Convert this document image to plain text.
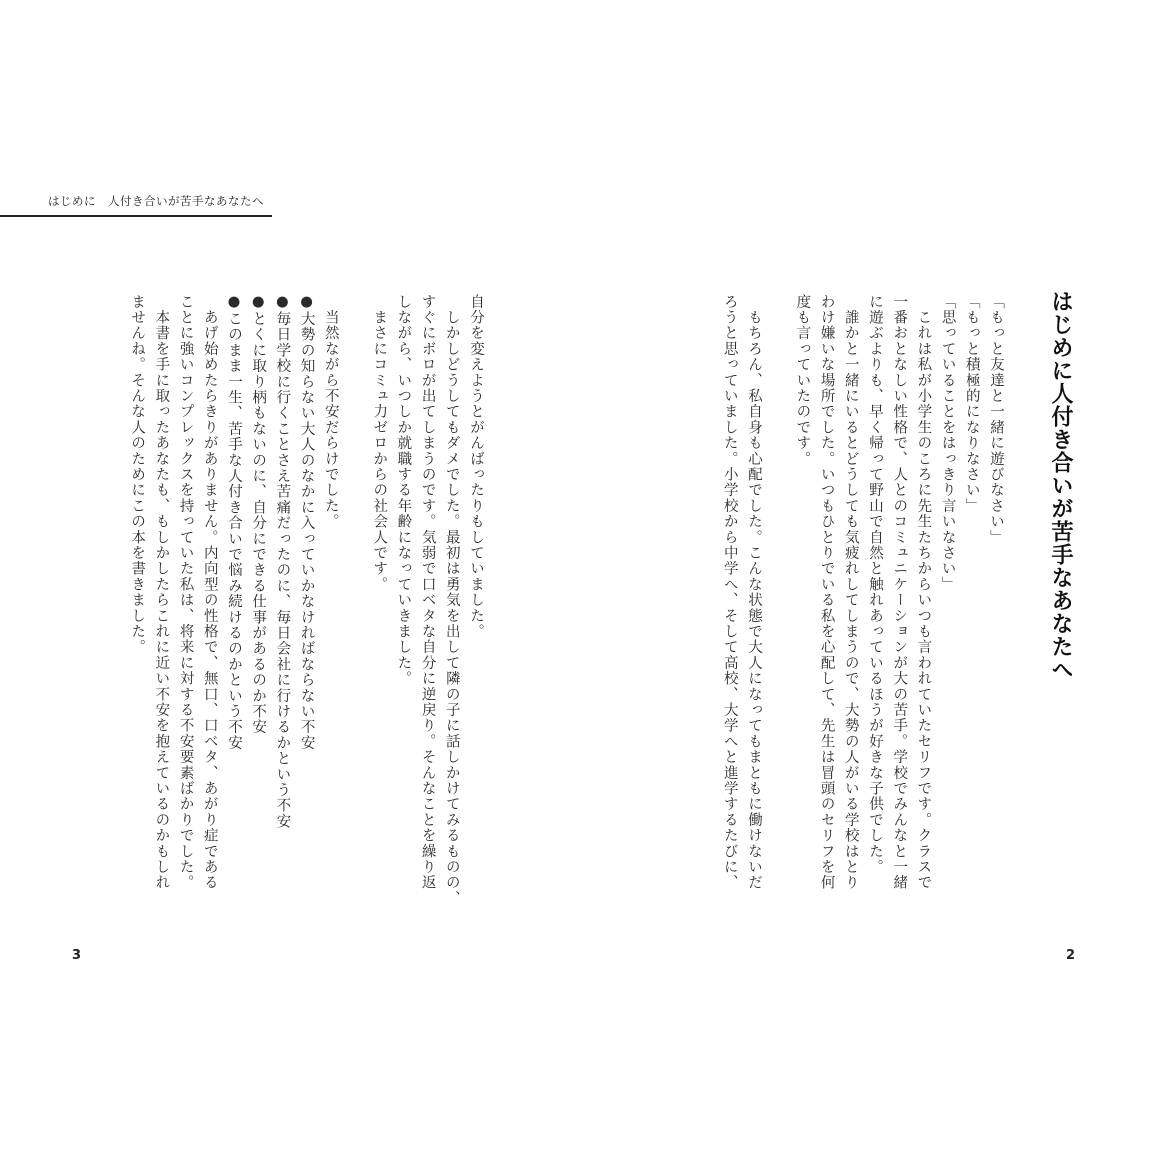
はじめに　人付き合いが苦手なあなたへ
はじめに人付き合いが苦手なあなたへ
「もっと友達と一緒に遊びなさい」
「もっと積極的になりなさい」
「思っていることをはっきり言いなさい」
　これは私が小学生のころに先生たちからいつも言われていたセリフです。クラスで
一番おとなしい性格で、人とのコミュニケーションが大の苦手。学校でみんなと一緒
に遊ぶよりも、早く帰って野山で自然と触れあっているほうが好きな子供でした。
　誰かと一緒にいるとどうしても気疲れしてしまうので、大勢の人がいる学校はとり
わけ嫌いな場所でした。いつもひとりでいる私を心配して、先生は冒頭のセリフを何
度も言っていたのです。

　もちろん、私自身も心配でした。こんな状態で大人になってもまともに働けないだ
ろうと思っていました。小学校から中学へ、そして高校、大学へと進学するたびに、
自分を変えようとがんばったりもしていました。
　しかしどうしてもダメでした。最初は勇気を出して隣の子に話しかけてみるものの、
すぐにボロが出てしまうのです。気弱で口ベタな自分に逆戻り。そんなことを繰り返
しながら、いつしか就職する年齢になっていきました。
　まさにコミュ力ゼロからの社会人です。

　当然ながら不安だらけでした。
●大勢の知らない大人のなかに入っていかなければならない不安
●毎日学校に行くことさえ苦痛だったのに、毎日会社に行けるかという不安
●とくに取り柄もないのに、自分にできる仕事があるのか不安
●このまま一生、苦手な人付き合いで悩み続けるのかという不安
　あげ始めたらきりがありません。内向型の性格で、無口、口ベタ、あがり症である
ことに強いコンプレックスを持っていた私は、将来に対する不安要素ばかりでした。
　本書を手に取ったあなたも、もしかしたらこれに近い不安を抱えているのかもしれ
ませんね。そんな人のためにこの本を書きました。
3	2
